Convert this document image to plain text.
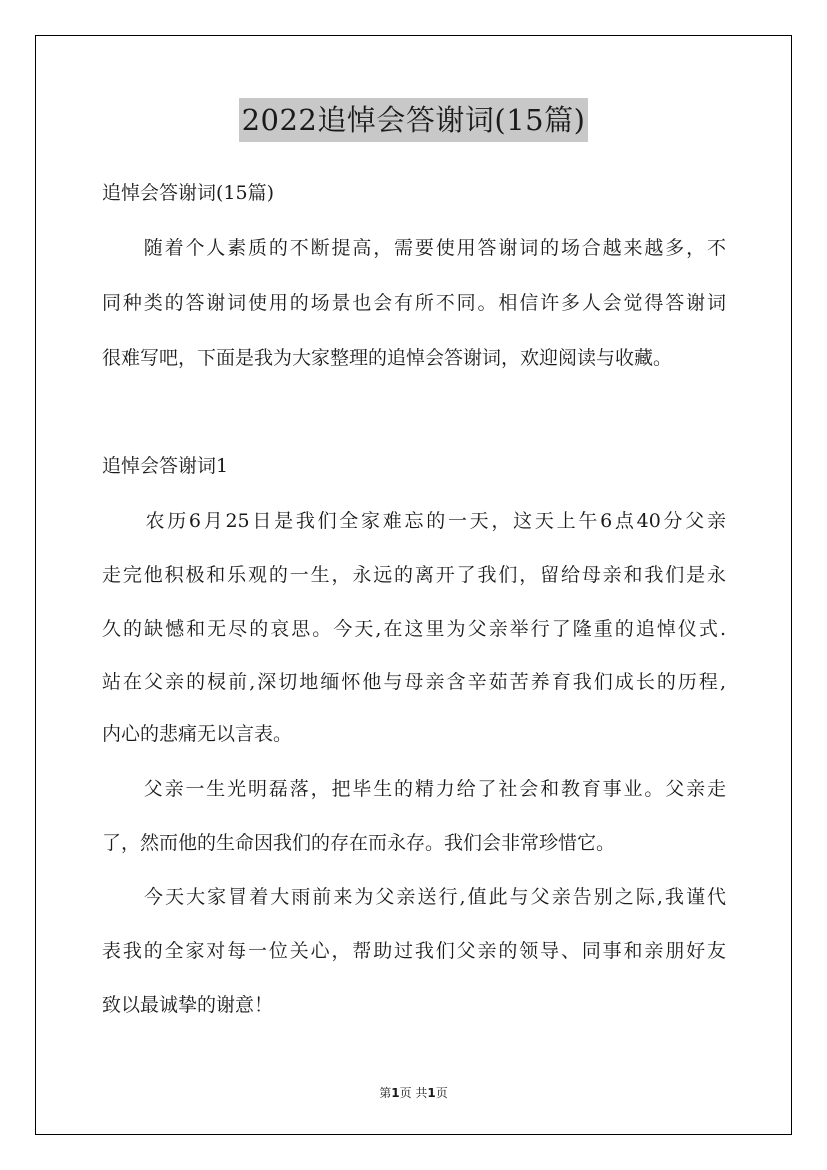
2022追悼会答谢词(15篇)
追悼会答谢词(15篇)
　　随着个人素质的不断提高，需要使用答谢词的场合越来越多，不
同种类的答谢词使用的场景也会有所不同。相信许多人会觉得答谢词
很难写吧，下面是我为大家整理的追悼会答谢词，欢迎阅读与收藏。
追悼会答谢词1
　　农历6月25日是我们全家难忘的一天，这天上午6点40分父亲
走完他积极和乐观的一生，永远的离开了我们，留给母亲和我们是永
久的缺憾和无尽的哀思。今天,在这里为父亲举行了隆重的追悼仪式.
站在父亲的棂前,深切地缅怀他与母亲含辛茹苦养育我们成长的历程,
内心的悲痛无以言表。
　　父亲一生光明磊落，把毕生的精力给了社会和教育事业。父亲走
了，然而他的生命因我们的存在而永存。我们会非常珍惜它。
　　今天大家冒着大雨前来为父亲送行,值此与父亲告别之际,我谨代
表我的全家对每一位关心，帮助过我们父亲的领导、同事和亲朋好友
致以最诚挚的谢意！
第1页 共1页
